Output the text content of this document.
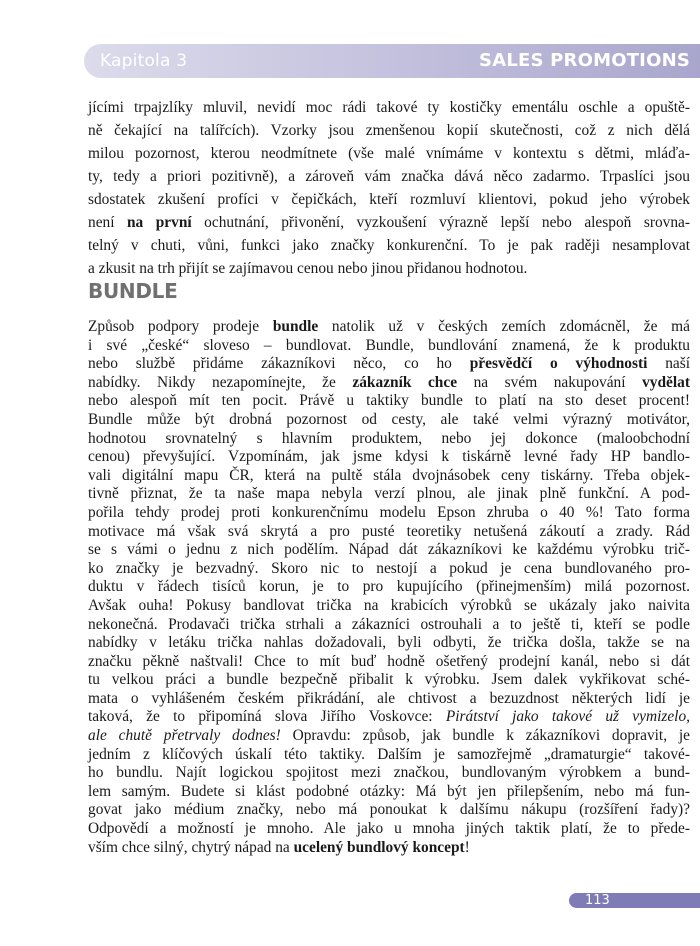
Kapitola 3	SALES PROMOTIONS
jícími trpajzlíky mluvil, nevidí moc rádi takové ty kostičky ementálu oschle a opuště-
ně čekající na talířcích). Vzorky jsou zmenšenou kopií skutečnosti, což z nich dělá
milou pozornost, kterou neodmítnete (vše malé vnímáme v kontextu s dětmi, mláďa-
ty, tedy a priori pozitivně), a zároveň vám značka dává něco zadarmo. Trpaslíci jsou
sdostatek zkušení profíci v čepičkách, kteří rozmluví klientovi, pokud jeho výrobek
není na první ochutnání, přivonění, vyzkoušení výrazně lepší nebo alespoň srovna-
telný v chuti, vůni, funkci jako značky konkurenční. To je pak raději nesamplovat
a zkusit na trh přijít se zajímavou cenou nebo jinou přidanou hodnotou.
BUNDLE
Způsob podpory prodeje bundle natolik už v českých zemích zdomácněl, že má
i své „české“ sloveso – bundlovat. Bundle, bundlování znamená, že k produktu
nebo službě přidáme zákazníkovi něco, co ho přesvědčí o výhodnosti naší
nabídky. Nikdy nezapomínejte, že zákazník chce na svém nakupování vydělat
nebo alespoň mít ten pocit. Právě u taktiky bundle to platí na sto deset procent!
Bundle může být drobná pozornost od cesty, ale také velmi výrazný motivátor,
hodnotou srovnatelný s hlavním produktem, nebo jej dokonce (maloobchodní
cenou) převyšující. Vzpomínám, jak jsme kdysi k tiskárně levné řady HP bandlo-
vali digitální mapu ČR, která na pultě stála dvojnásobek ceny tiskárny. Třeba objek-
tivně přiznat, že ta naše mapa nebyla verzí plnou, ale jinak plně funkční. A pod-
pořila tehdy prodej proti konkurenčnímu modelu Epson zhruba o 40 %! Tato forma
motivace má však svá skrytá a pro pusté teoretiky netušená zákoutí a zrady. Rád
se s vámi o jednu z nich podělím. Nápad dát zákazníkovi ke každému výrobku trič-
ko značky je bezvadný. Skoro nic to nestojí a pokud je cena bundlovaného pro-
duktu v řádech tisíců korun, je to pro kupujícího (přinejmenším) milá pozornost.
Avšak ouha! Pokusy bandlovat trička na krabicích výrobků se ukázaly jako naivita
nekonečná. Prodavači trička strhali a zákazníci ostrouhali a to ještě ti, kteří se podle
nabídky v letáku trička nahlas dožadovali, byli odbyti, že trička došla, takže se na
značku pěkně naštvali! Chce to mít buď hodně ošetřený prodejní kanál, nebo si dát
tu velkou práci a bundle bezpečně přibalit k výrobku. Jsem dalek vykřikovat sché-
mata o vyhlášeném českém přikrádání, ale chtivost a bezuzdnost některých lidí je
taková, že to připomíná slova Jiřího Voskovce: Pirátství jako takové už vymizelo,
ale chutě přetrvaly dodnes! Opravdu: způsob, jak bundle k zákazníkovi dopravit, je
jedním z klíčových úskalí této taktiky. Dalším je samozřejmě „dramaturgie“ takové-
ho bundlu. Najít logickou spojitost mezi značkou, bundlovaným výrobkem a bund-
lem samým. Budete si klást podobné otázky: Má být jen přilepšením, nebo má fun-
govat jako médium značky, nebo má ponoukat k dalšímu nákupu (rozšíření řady)?
Odpovědí a možností je mnoho. Ale jako u mnoha jiných taktik platí, že to přede-
vším chce silný, chytrý nápad na ucelený bundlový koncept!
113
